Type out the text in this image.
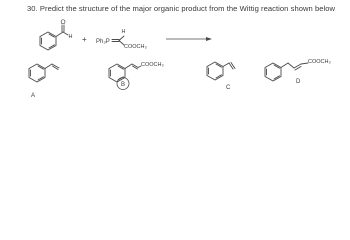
30. Predict the structure of the major organic product from the Wittig reaction shown below
O
H + Ph₃P
H
COOCH₃
A
COOCH₃
B	C
COOCH₃
D
